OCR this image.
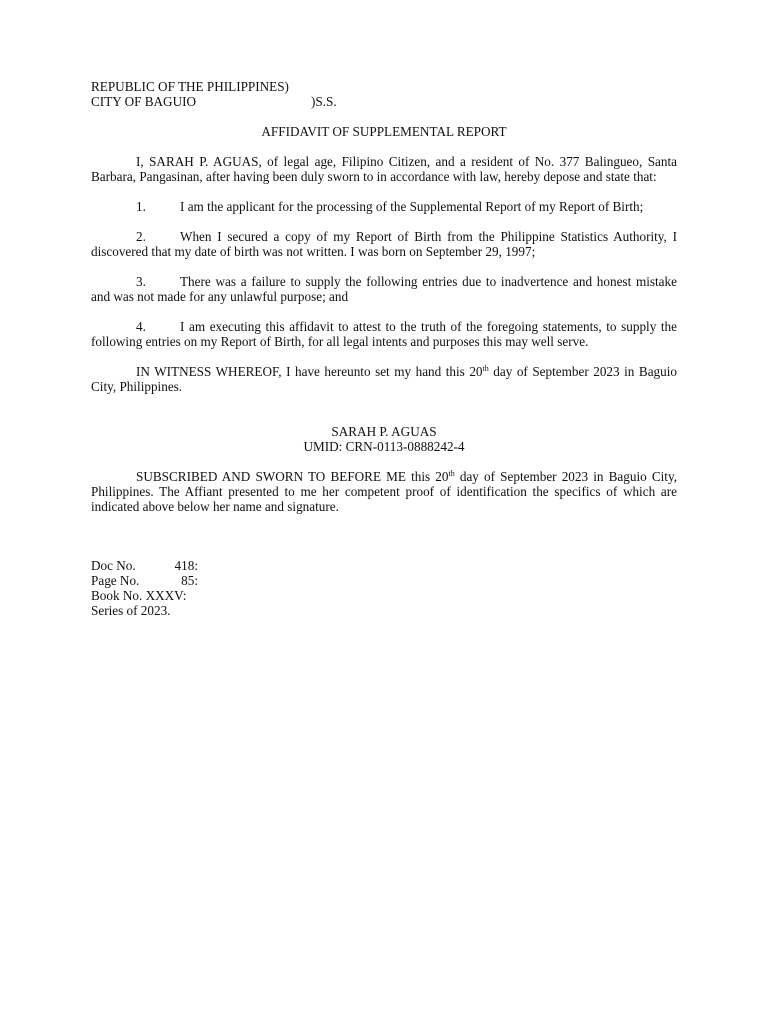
REPUBLIC OF THE PHILIPPINES)
CITY OF BAGUIO	)S.S.
AFFIDAVIT OF SUPPLEMENTAL REPORT
I, SARAH P. AGUAS, of legal age, Filipino Citizen, and a resident of No. 377 Balingueo, Santa Barbara, Pangasinan, after having been duly sworn to in accordance with law, hereby depose and state that:
1.	I am the applicant for the processing of the Supplemental Report of my Report of Birth;
2.	When I secured a copy of my Report of Birth from the Philippine Statistics Authority, I discovered that my date of birth was not written. I was born on September 29, 1997;
3.	There was a failure to supply the following entries due to inadvertence and honest mistake and was not made for any unlawful purpose; and
4.	I am executing this affidavit to attest to the truth of the foregoing statements, to supply the following entries on my Report of Birth, for all legal intents and purposes this may well serve.
IN WITNESS WHEREOF, I have hereunto set my hand this 20th day of September 2023 in Baguio City, Philippines.
SARAH P. AGUAS
UMID: CRN-0113-0888242-4
SUBSCRIBED AND SWORN TO BEFORE ME this 20th day of September 2023 in Baguio City, Philippines. The Affiant presented to me her competent proof of identification the specifics of which are indicated above below her name and signature.
Doc No.	418:
Page No.	85:
Book No. XXXV:
Series of 2023.
